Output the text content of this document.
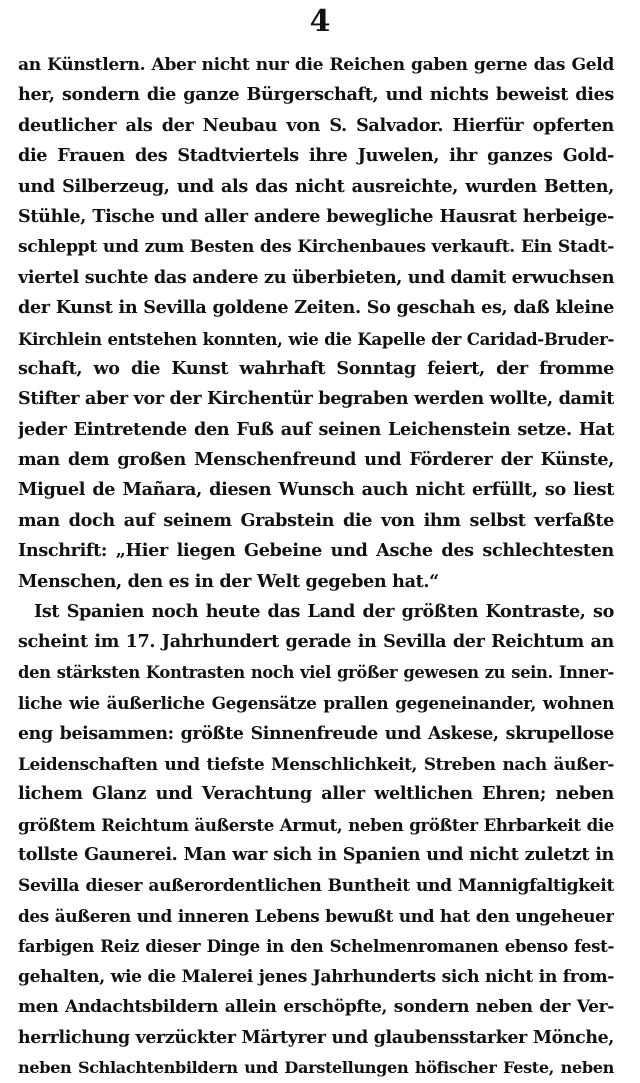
4
an Künstlern. Aber nicht nur die Reichen gaben gerne das Geld
her, sondern die ganze Bürgerschaft, und nichts beweist dies
deutlicher als der Neubau von S. Salvador. Hierfür opferten
die Frauen des Stadtviertels ihre Juwelen, ihr ganzes Gold-
und Silberzeug, und als das nicht ausreichte, wurden Betten,
Stühle, Tische und aller andere bewegliche Hausrat herbeige-
schleppt und zum Besten des Kirchenbaues verkauft. Ein Stadt-
viertel suchte das andere zu überbieten, und damit erwuchsen
der Kunst in Sevilla goldene Zeiten. So geschah es, daß kleine
Kirchlein entstehen konnten, wie die Kapelle der Caridad-Bruder-
schaft, wo die Kunst wahrhaft Sonntag feiert, der fromme
Stifter aber vor der Kirchentür begraben werden wollte, damit
jeder Eintretende den Fuß auf seinen Leichenstein setze. Hat
man dem großen Menschenfreund und Förderer der Künste,
Miguel de Mañara, diesen Wunsch auch nicht erfüllt, so liest
man doch auf seinem Grabstein die von ihm selbst verfaßte
Inschrift: „Hier liegen Gebeine und Asche des schlechtesten
Menschen, den es in der Welt gegeben hat.“
Ist Spanien noch heute das Land der größten Kontraste, so
scheint im 17. Jahrhundert gerade in Sevilla der Reichtum an
den stärksten Kontrasten noch viel größer gewesen zu sein. Inner-
liche wie äußerliche Gegensätze prallen gegeneinander, wohnen
eng beisammen: größte Sinnenfreude und Askese, skrupellose
Leidenschaften und tiefste Menschlichkeit, Streben nach äußer-
lichem Glanz und Verachtung aller weltlichen Ehren; neben
größtem Reichtum äußerste Armut, neben größter Ehrbarkeit die
tollste Gaunerei. Man war sich in Spanien und nicht zuletzt in
Sevilla dieser außerordentlichen Buntheit und Mannigfaltigkeit
des äußeren und inneren Lebens bewußt und hat den ungeheuer
farbigen Reiz dieser Dinge in den Schelmenromanen ebenso fest-
gehalten, wie die Malerei jenes Jahrhunderts sich nicht in from-
men Andachtsbildern allein erschöpfte, sondern neben der Ver-
herrlichung verzückter Märtyrer und glaubensstarker Mönche,
neben Schlachtenbildern und Darstellungen höfischer Feste, neben
